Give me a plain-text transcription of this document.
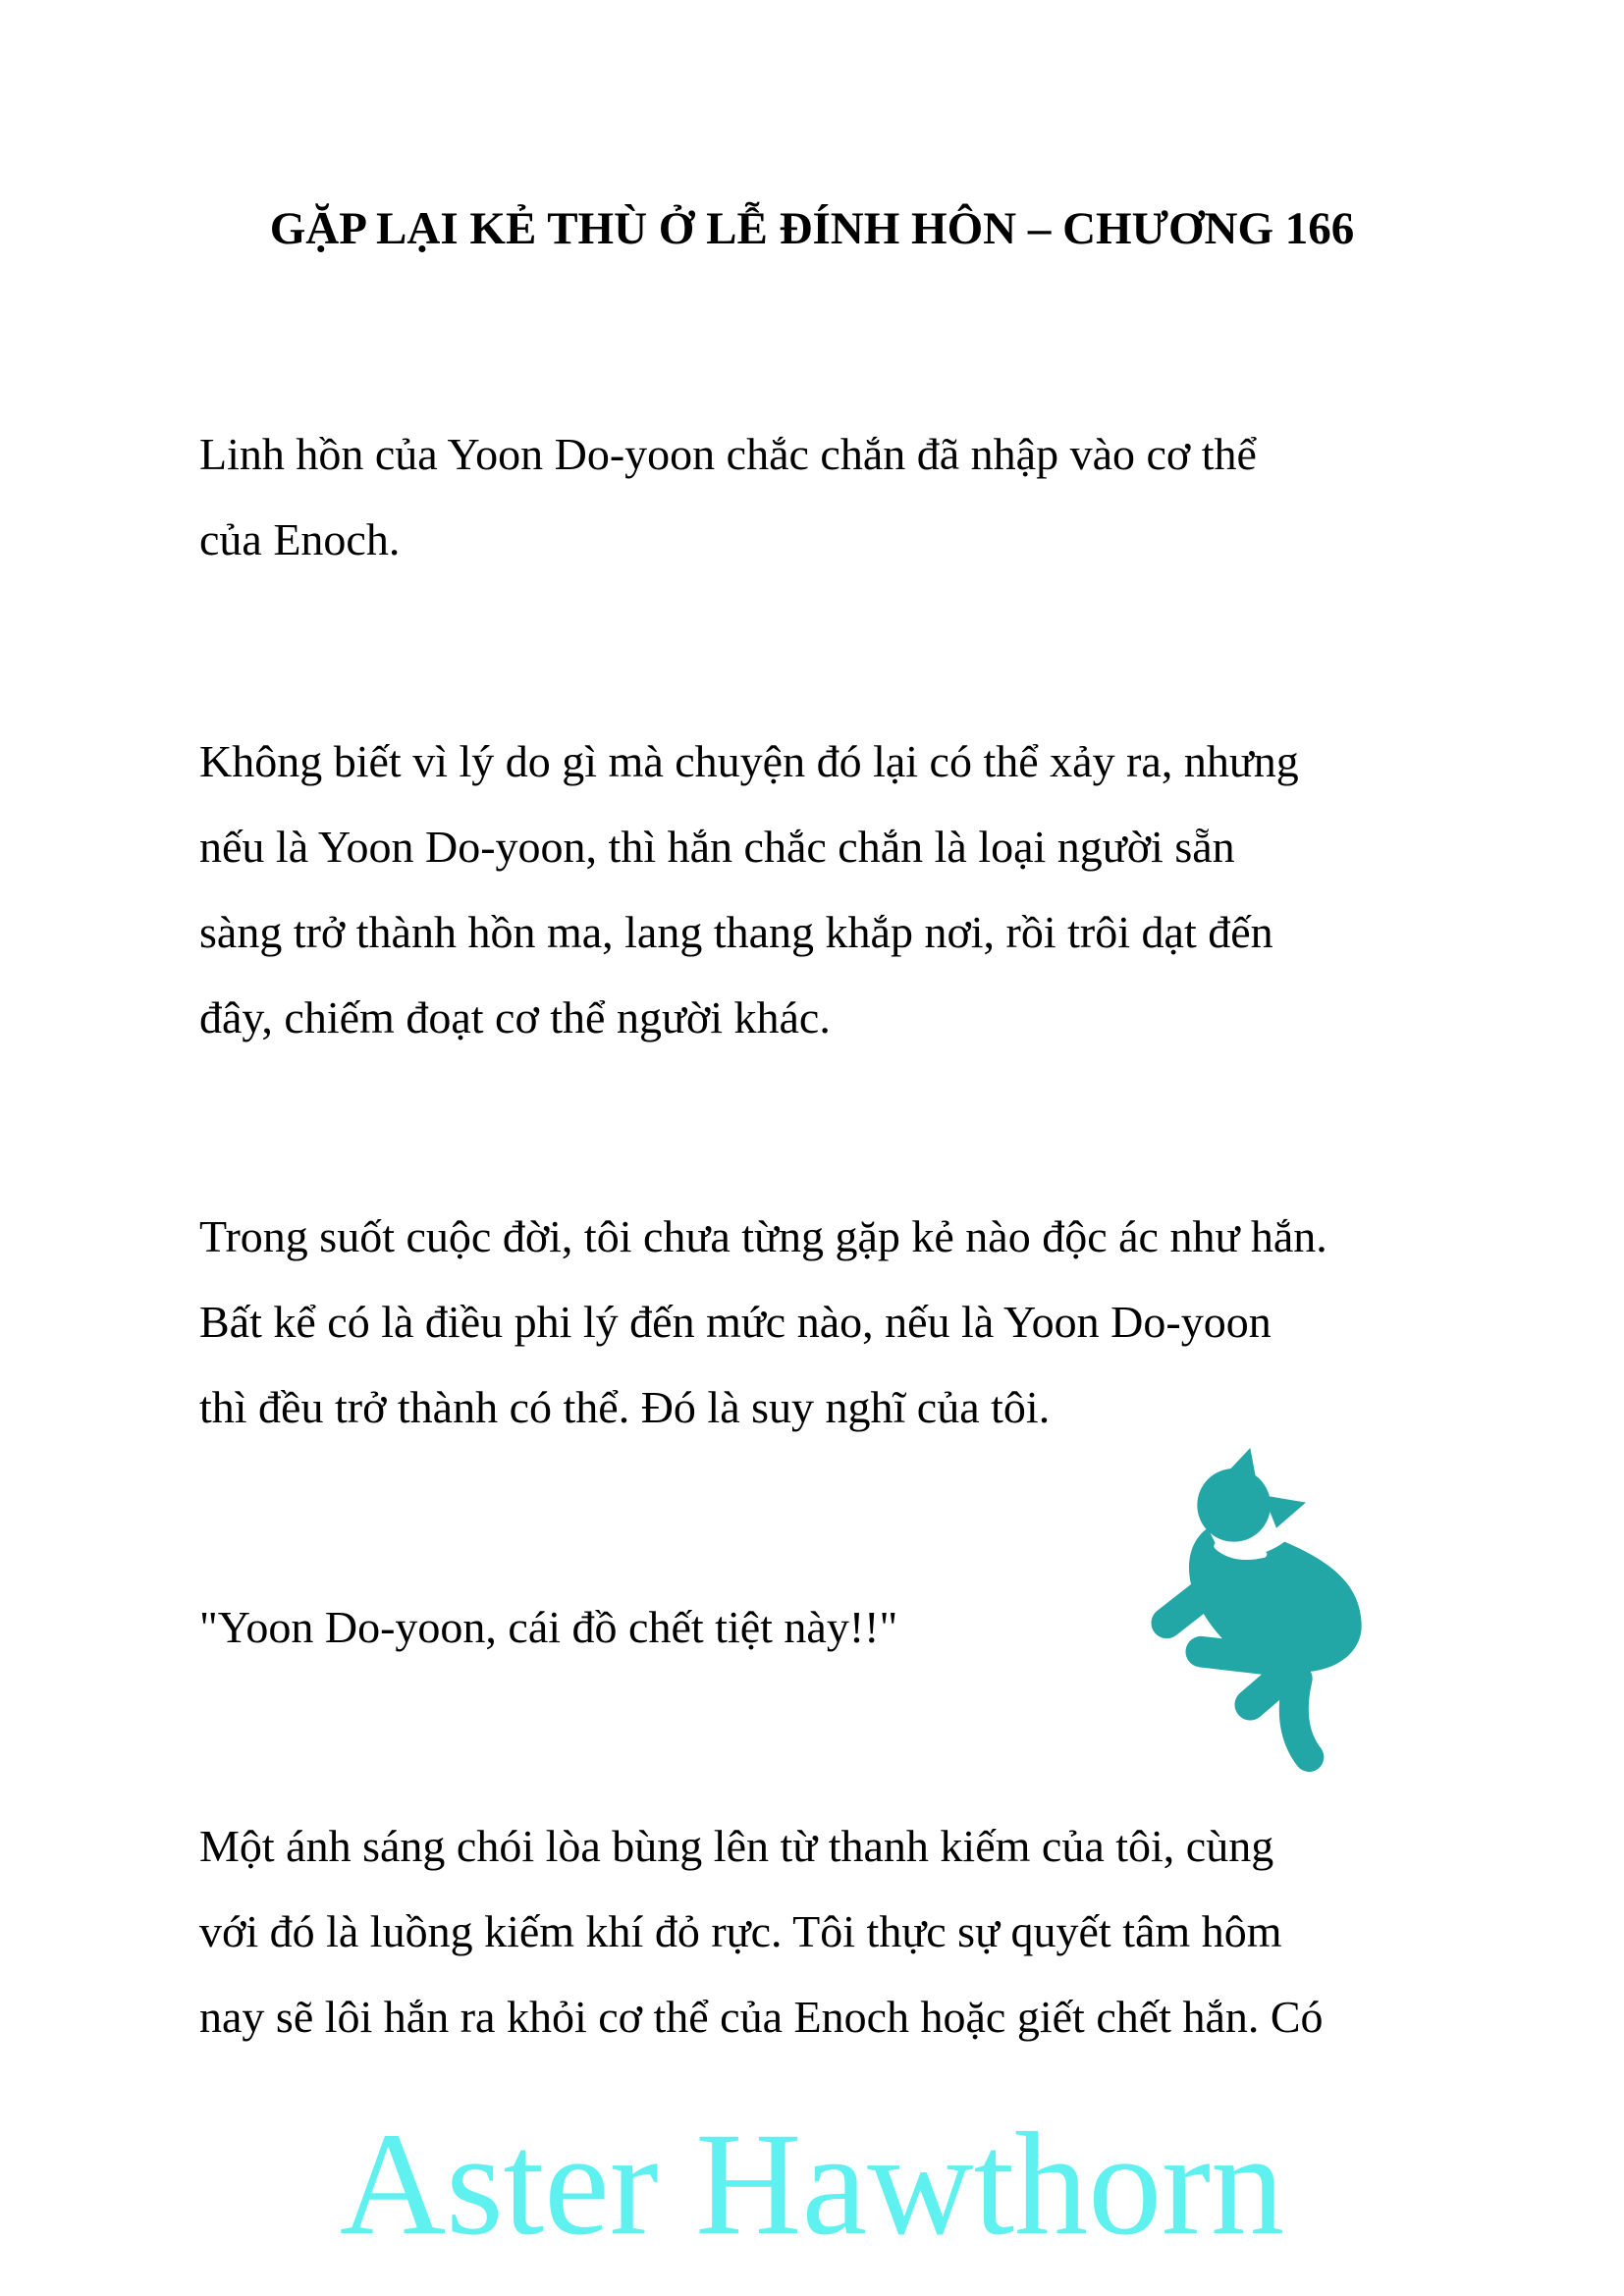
GẶP LẠI KẺ THÙ Ở LỄ ĐÍNH HÔN – CHƯƠNG 166
Linh hồn của Yoon Do-yoon chắc chắn đã nhập vào cơ thể
của Enoch.
Không biết vì lý do gì mà chuyện đó lại có thể xảy ra, nhưng
nếu là Yoon Do-yoon, thì hắn chắc chắn là loại người sẵn
sàng trở thành hồn ma, lang thang khắp nơi, rồi trôi dạt đến
đây, chiếm đoạt cơ thể người khác.
Trong suốt cuộc đời, tôi chưa từng gặp kẻ nào độc ác như hắn.
Bất kể có là điều phi lý đến mức nào, nếu là Yoon Do-yoon
thì đều trở thành có thể. Đó là suy nghĩ của tôi.
"Yoon Do-yoon, cái đồ chết tiệt này!!"
Một ánh sáng chói lòa bùng lên từ thanh kiếm của tôi, cùng
với đó là luồng kiếm khí đỏ rực. Tôi thực sự quyết tâm hôm
nay sẽ lôi hắn ra khỏi cơ thể của Enoch hoặc giết chết hắn. Có
Aster Hawthorn
